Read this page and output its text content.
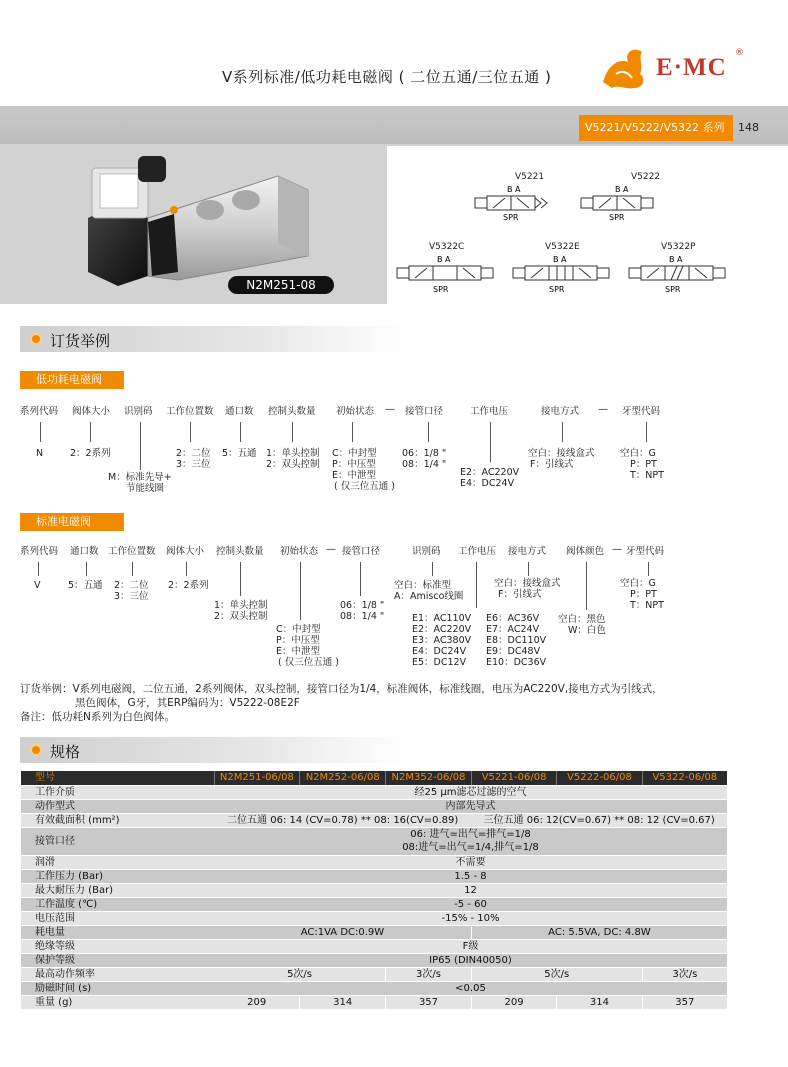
V系列标准/低功耗电磁阀 ( 二位五通/三位五通 )	E·MC
®
V5221/V5222/V5322 系列	148
N2M251-08
V5221
B A
SPR
V5222
B A
SPR
V5322C
B A
SPR
V5322E
B A
SPR
V5322P
B A
SPR
订货举例
低功耗电磁阀
系列代码 阀体大小 识别码 工作位置数 通口数 控制头数量 初始状态 — 接管口径	工作电压	接电方式 — 牙型代码
N	2：2系列
M：标准先导+
节能线圈
2：二位
3：三位
5：五通 1：单头控制
2：双头控制
C：中封型
P：中压型
E：中泄型
( 仅三位五通 )
06：1/8 "
08：1/4 "
E2：AC220V
E4：DC24V
空白：接线盒式
F：引线式
空白：G
P：PT
T：NPT
标准电磁阀
系列代码 通口数 工作位置数 阀体大小 控制头数量 初始状态 — 接管口径	识别码 工作电压 接电方式 阀体颜色 — 牙型代码
V	5：五通 2：二位
3：三位
2：2系列
1：单头控制
2：双头控制
C：中封型
P：中压型
E：中泄型
( 仅三位五通 )
06：1/8 "
08：1/4 "
空白：标准型
A：Amisco线圈
E1：AC110V
E2：AC220V
E3：AC380V
E4：DC24V
E5：DC12V
E6：AC36V
E7：AC24V
E8：DC110V
E9：DC48V
E10：DC36V
空白：接线盒式
F：引线式
空白：黑色
W：白色
空白：G
P：PT
T：NPT
订货举例：V系列电磁阀，二位五通，2系列阀体，双头控制，接管口径为1/4，标准阀体，标准线圈，电压为AC220V,接电方式为引线式，
黑色阀体，G牙，其ERP编码为：V5222-08E2F
备注：低功耗N系列为白色阀体。
规格
型号	N2M251-06/08	N2M252-06/08	N2M352-06/08	V5221-06/08	V5222-06/08	V5322-06/08
工作介质	经25 μm滤芯过滤的空气					
动作型式	内部先导式					
有效截面积 (mm²)	二位五通 06: 14 (CV=0.78) ** 08: 16(CV=0.89)			三位五通 06: 12(CV=0.67) ** 08: 12 (CV=0.67)		
接管口径	06: 进气=出气=排气=1/8
08:进气=出气=1/4,排气=1/8					

润滑	不需要					
工作压力 (Bar)	1.5 - 8					
最大耐压力 (Bar)	12					
工作温度 (℃)	-5 - 60					
电压范围	-15% - 10%					
耗电量	AC:1VA DC:0.9W			AC: 5.5VA, DC: 4.8W		
绝缘等级	F级					
保护等级	IP65 (DIN40050)					
最高动作频率	5次/s		3次/s	5次/s		3次/s
励磁时间 (s)	<0.05					
重量 (g)	209	314	357	209	314	357
